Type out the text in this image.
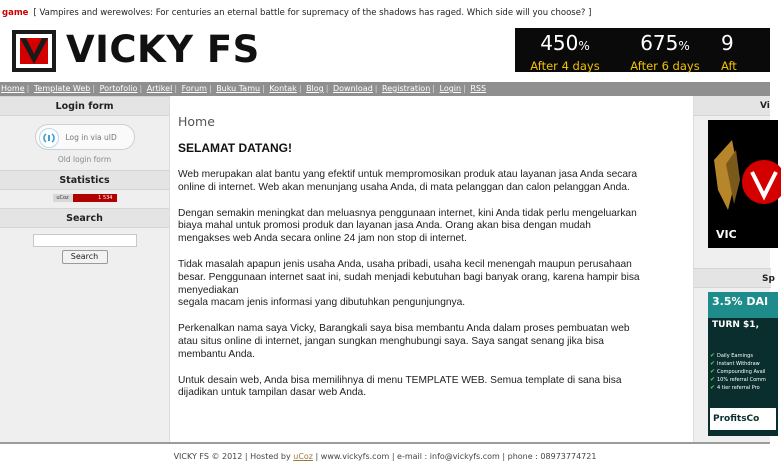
game [ Vampires and werewolves: For centuries an eternal battle for supremacy of the shadows has raged. Which side will you choose? ]
VICKY FS	450%
After 4 days
675%
After 6 days
9
Aft
Home | Template Web | Portofolio | Artikel | Forum | Buku Tamu | Kontak | Blog | Download | Registration | Login | RSS
Login form
Log in via uID
Old login form
Statistics
uCoz	1 534
Search
Search
Home
SELAMAT DATANG!
Web merupakan alat bantu yang efektif untuk mempromosikan produk atau layanan jasa Anda secara
online di internet. Web akan menunjang usaha Anda, di mata pelanggan dan calon pelanggan Anda.
Dengan semakin meningkat dan meluasnya penggunaan internet, kini Anda tidak perlu mengeluarkan
biaya mahal untuk promosi produk dan layanan jasa Anda. Orang akan bisa dengan mudah
mengakses web Anda secara online 24 jam non stop di internet.
Tidak masalah apapun jenis usaha Anda, usaha pribadi, usaha kecil menengah maupun perusahaan
besar. Penggunaan internet saat ini, sudah menjadi kebutuhan bagi banyak orang, karena hampir bisa
menyediakan
segala macam jenis informasi yang dibutuhkan pengunjungnya.
Perkenalkan nama saya Vicky, Barangkali saya bisa membantu Anda dalam proses pembuatan web
atau situs online di internet, jangan sungkan menghubungi saya. Saya sangat senang jika bisa
membantu Anda.
Untuk desain web, Anda bisa memilihnya di menu TEMPLATE WEB. Semua template di sana bisa
dijadikan untuk tampilan dasar web Anda.
Vi
VIC
Sp
3.5% DAI
TURN $1,
✔ Daily Earnings
✔ Instant Withdraw
✔ Compounding Avail
✔ 10% referral Comm
✔ 4 tier referral Pro
ProfitsCo
VICKY FS © 2012 | Hosted by uCoz | www.vickyfs.com | e-mail : info@vickyfs.com | phone : 08973774721
